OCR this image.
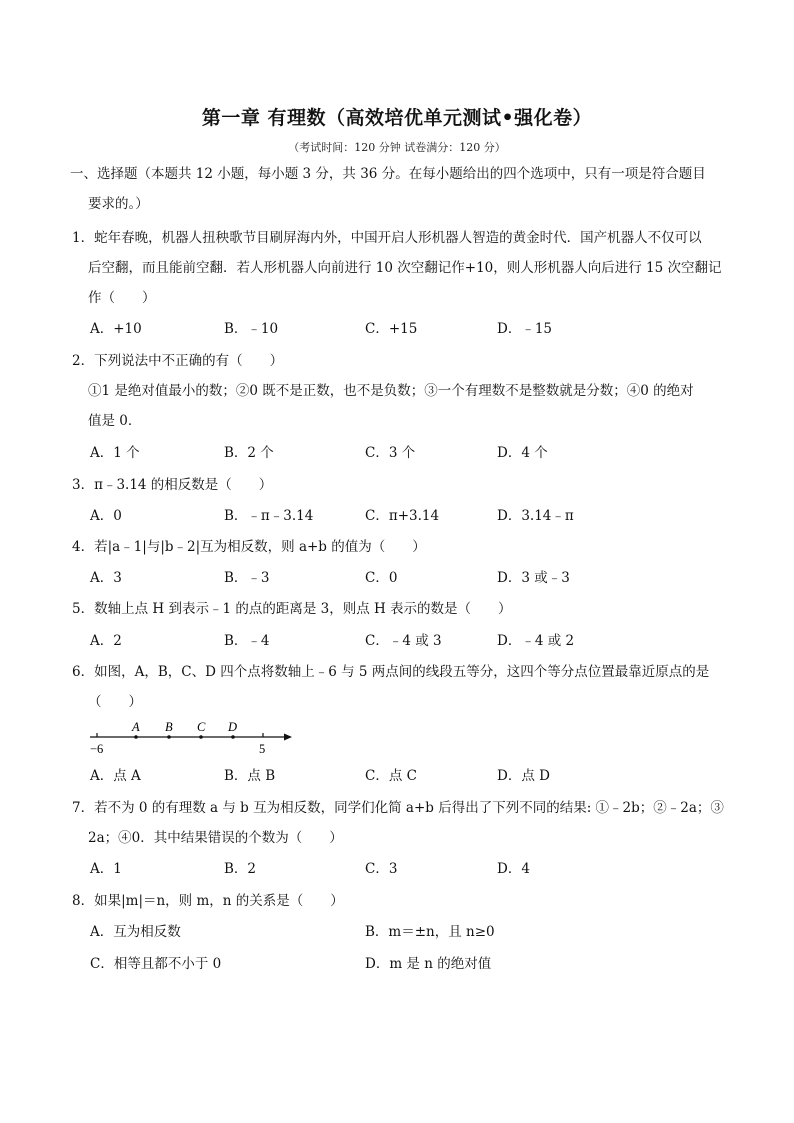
第一章 有理数（高效培优单元测试•强化卷）
（考试时间：120 分钟 试卷满分：120 分）
一、选择题（本题共 12 小题，每小题 3 分，共 36 分。在每小题给出的四个选项中，只有一项是符合题目
要求的。）
1．蛇年春晚，机器人扭秧歌节目刷屏海内外，中国开启人形机器人智造的黄金时代．国产机器人不仅可以
后空翻，而且能前空翻．若人形机器人向前进行 10 次空翻记作+10，则人形机器人向后进行 15 次空翻记
作（　　）
A．+10	B．﹣10	C．+15	D．﹣15
2．下列说法中不正确的有（　　）
①1 是绝对值最小的数；②0 既不是正数，也不是负数；③一个有理数不是整数就是分数；④0 的绝对
值是 0．
A．1 个	B．2 个	C．3 个	D．4 个
3．π﹣3.14 的相反数是（　　）
A．0	B．﹣π﹣3.14	C．π+3.14	D．3.14﹣π
4．若|a﹣1|与|b﹣2|互为相反数，则 a+b 的值为（　　）
A．3	B．﹣3	C．0	D．3 或﹣3
5．数轴上点 H 到表示﹣1 的点的距离是 3，则点 H 表示的数是（　　）
A．2	B．﹣4	C．﹣4 或 3	D．﹣4 或 2
6．如图，A，B，C、D 四个点将数轴上﹣6 与 5 两点间的线段五等分，这四个等分点位置最靠近原点的是
（　　）
A B C D
−6	5
A．点 A	B．点 B	C．点 C	D．点 D
7．若不为 0 的有理数 a 与 b 互为相反数，同学们化简 a+b 后得出了下列不同的结果: ①﹣2b；②﹣2a；③
2a；④0．其中结果错误的个数为（　　）
A．1	B．2	C．3	D．4
8．如果|m|＝n，则 m，n 的关系是（　　）
A．互为相反数	B．m＝±n，且 n≥0
C．相等且都不小于 0	D．m 是 n 的绝对值
